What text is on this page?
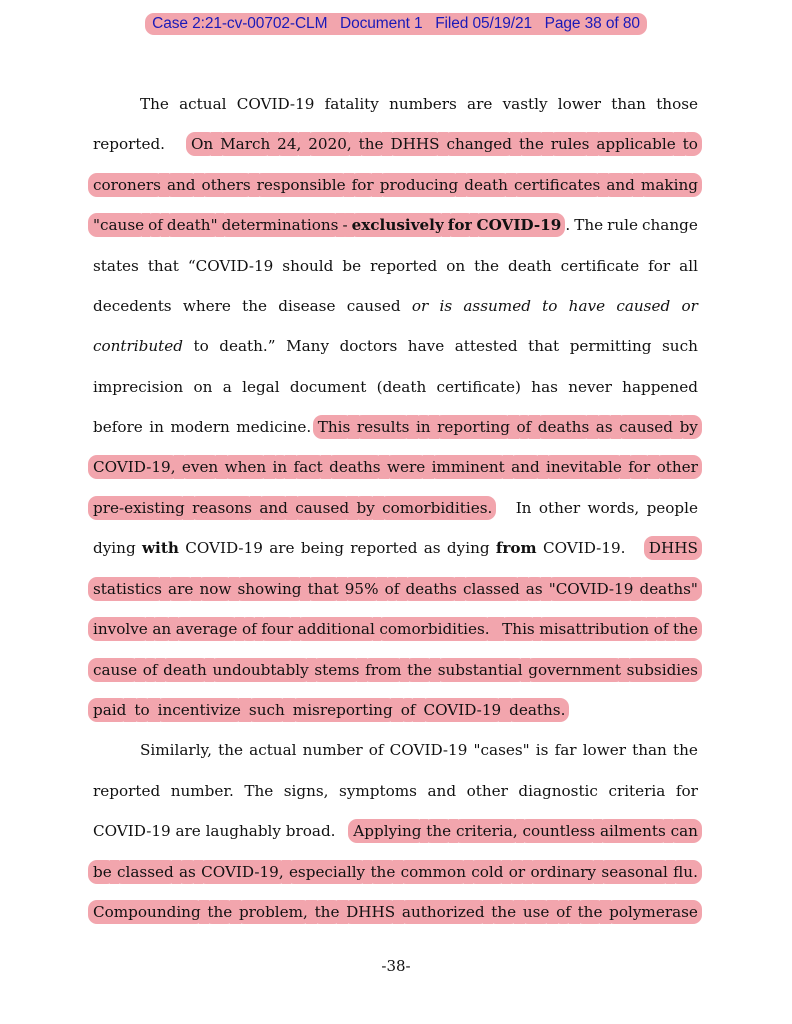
Case 2:21-cv-00702-CLM   Document 1   Filed 05/19/21   Page 38 of 80
The actual COVID-19 fatality numbers are vastly lower than those
reported.	On March 24, 2020, the DHHS changed the rules applicable to
coroners and others responsible for producing death certificates and making
"cause of death" determinations - exclusively for COVID-19 . The rule change
states that “COVID-19 should be reported on the death certificate for all
decedents where the disease caused or is assumed to have caused or
contributed to death.” Many doctors have attested that permitting such
imprecision on a legal document (death certificate) has never happened
before in modern medicine. This results in reporting of deaths as caused by
COVID-19, even when in fact deaths were imminent and inevitable for other
pre-existing reasons and caused by comorbidities. In other words, people
dying with COVID-19 are being reported as dying from COVID-19.	DHHS
statistics are now showing that 95% of deaths classed as "COVID-19 deaths"
involve an average of four additional comorbidities. This misattribution of the
cause of death undoubtably stems from the substantial government subsidies
paid to incentivize such misreporting of COVID-19 deaths.
Similarly, the actual number of COVID-19 "cases" is far lower than the
reported number. The signs, symptoms and other diagnostic criteria for
COVID-19 are laughably broad.	Applying the criteria, countless ailments can
be classed as COVID-19, especially the common cold or ordinary seasonal flu.
Compounding the problem, the DHHS authorized the use of the polymerase
-38-
